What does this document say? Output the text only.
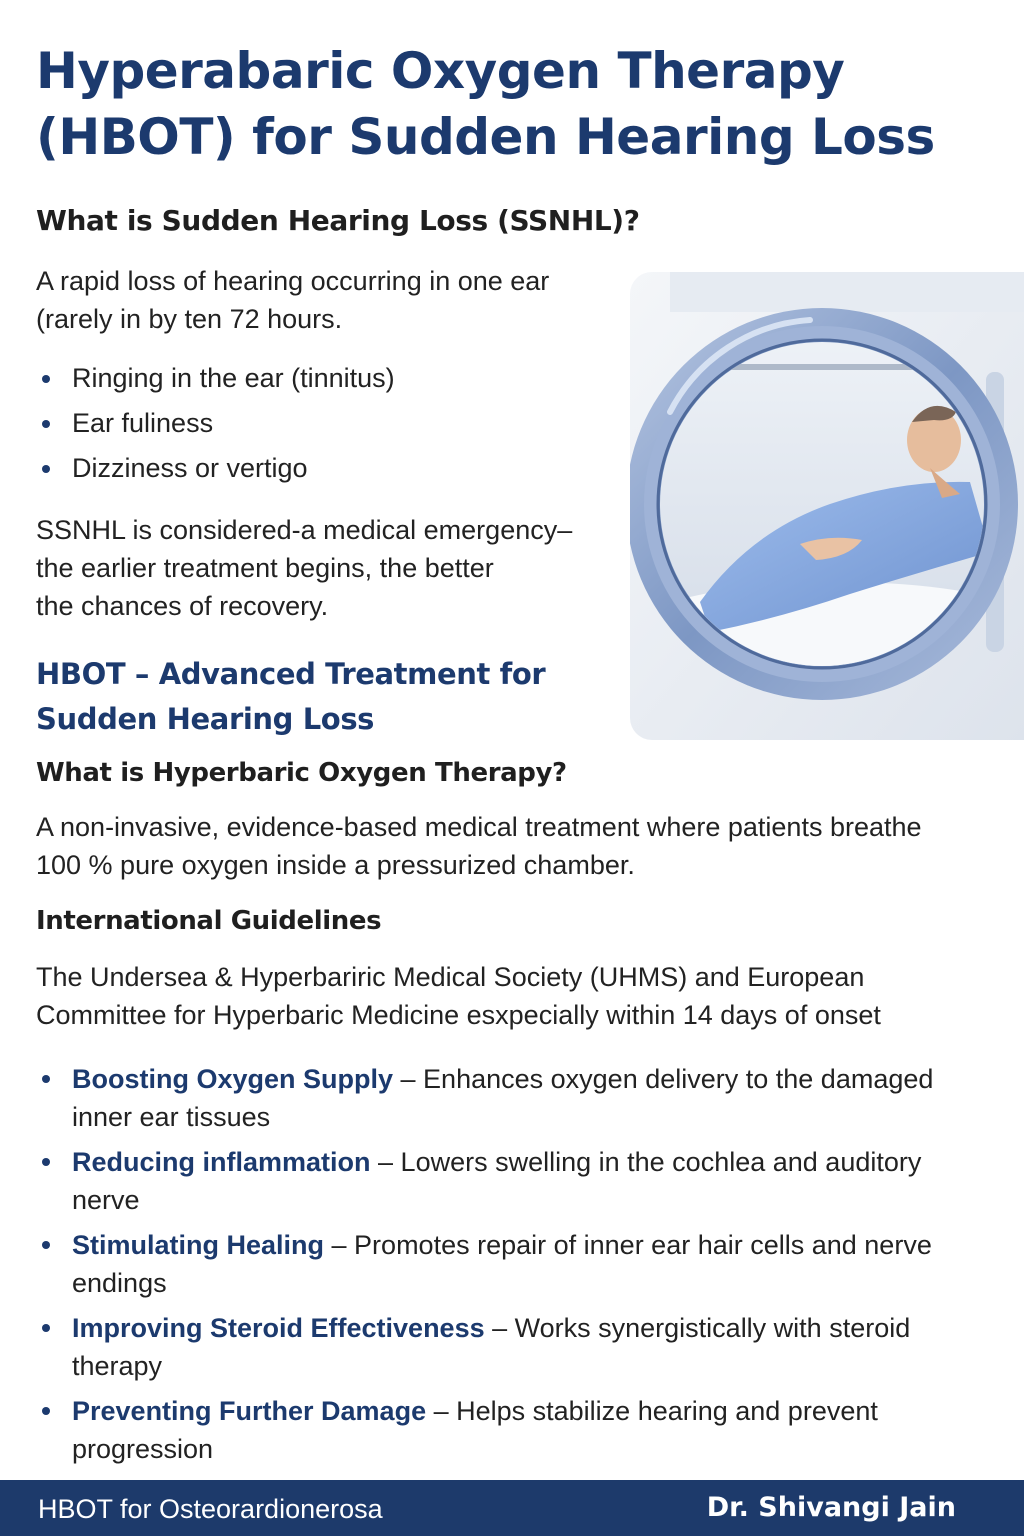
Hyperabaric Oxygen Therapy (HBOT) for Sudden Hearing Loss
What is Sudden Hearing Loss (SSNHL)?
A rapid loss of hearing occurring in one ear
(rarely in by ten 72 hours.
Ringing in the ear (tinnitus)
Ear fuliness
Dizziness or vertigo
SSNHL is considered-a medical emergency–
the earlier treatment begins, the better
the chances of recovery.
HBOT – Advanced Treatment for
Sudden Hearing Loss
What is Hyperbaric Oxygen Therapy?
A non-invasive, evidence-based medical treatment where patients breathe
100 % pure oxygen inside a pressurized chamber.
International Guidelines
The Undersea & Hyperbariric Medical Society (UHMS) and European
Committee for Hyperbaric Medicine esxpecially within 14 days of onset
Boosting Oxygen Supply – Enhances oxygen delivery to the damaged inner ear tissues
Reducing inflammation – Lowers swelling in the cochlea and auditory nerve
Stimulating Healing – Promotes repair of inner ear hair cells and nerve endings
Improving Steroid Effectiveness – Works synergistically with steroid therapy
Preventing Further Damage – Helps stabilize hearing and prevent progression
HBOT for Osteorardionerosa	Dr. Shivangi Jain
